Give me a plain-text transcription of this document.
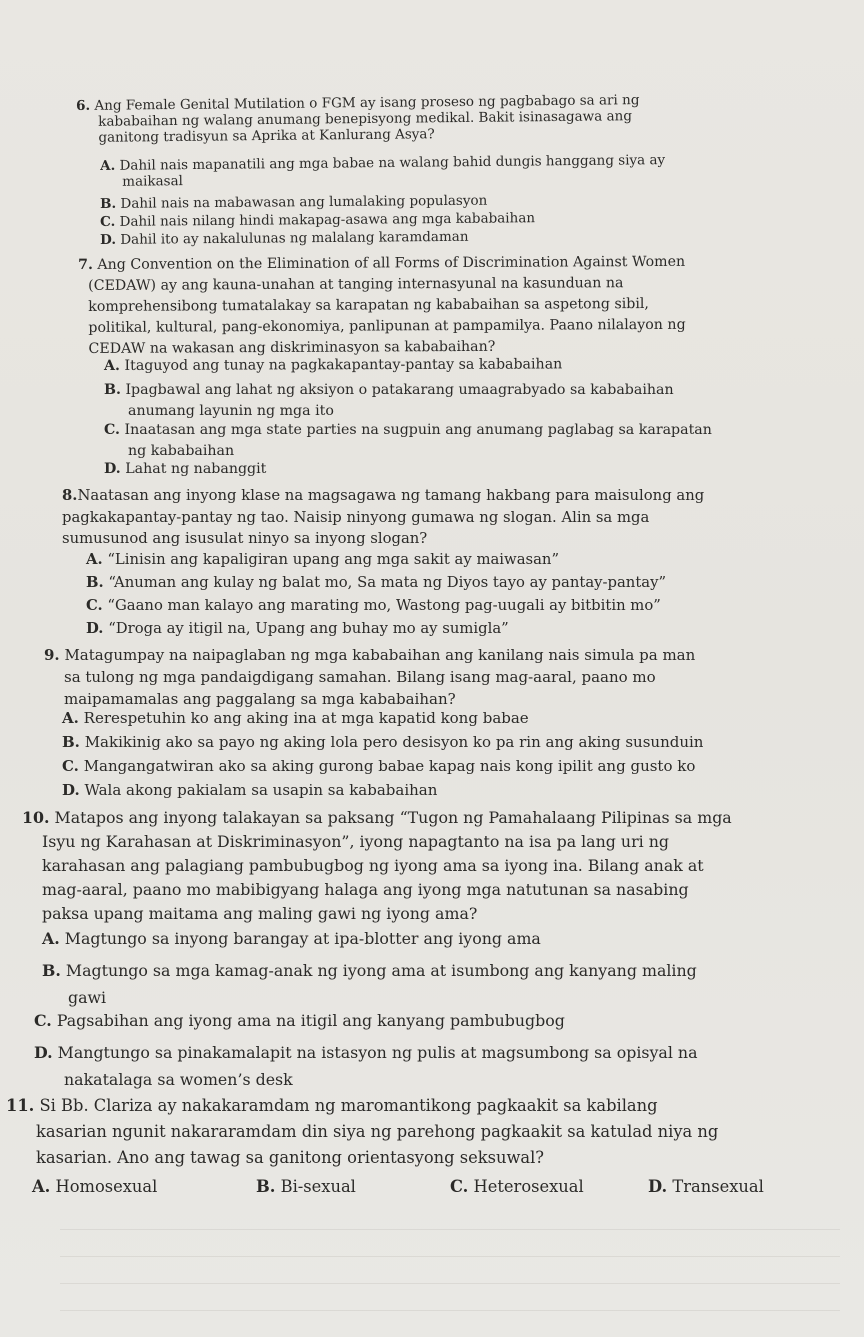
6. Ang Female Genital Mutilation o FGM ay isang proseso ng pagbabago sa ari ng
kababaihan ng walang anumang benepisyong medikal. Bakit isinasagawa ang
ganitong tradisyun sa Aprika at Kanlurang Asya?
A. Dahil nais mapanatili ang mga babae na walang bahid dungis hanggang siya ay
maikasal
B. Dahil nais na mabawasan ang lumalaking populasyon
C. Dahil nais nilang hindi makapag-asawa ang mga kababaihan
D. Dahil ito ay nakalulunas ng malalang karamdaman
7. Ang Convention on the Elimination of all Forms of Discrimination Against Women
(CEDAW) ay ang kauna-unahan at tanging internasyunal na kasunduan na
komprehensibong tumatalakay sa karapatan ng kababaihan sa aspetong sibil,
politikal, kultural, pang-ekonomiya, panlipunan at pampamilya. Paano nilalayon ng
CEDAW na wakasan ang diskriminasyon sa kababaihan?
A. Itaguyod ang tunay na pagkakapantay-pantay sa kababaihan
B. Ipagbawal ang lahat ng aksiyon o patakarang umaagrabyado sa kababaihan
anumang layunin ng mga ito
C. Inaatasan ang mga state parties na sugpuin ang anumang paglabag sa karapatan
ng kababaihan
D. Lahat ng nabanggit
8.Naatasan ang inyong klase na magsagawa ng tamang hakbang para maisulong ang
pagkakapantay-pantay ng tao. Naisip ninyong gumawa ng slogan. Alin sa mga
sumusunod ang isusulat ninyo sa inyong slogan?
A. “Linisin ang kapaligiran upang ang mga sakit ay maiwasan”
B. “Anuman ang kulay ng balat mo, Sa mata ng Diyos tayo ay pantay-pantay”
C. “Gaano man kalayo ang marating mo, Wastong pag-uugali ay bitbitin mo”
D. “Droga ay itigil na, Upang ang buhay mo ay sumigla”
9. Matagumpay na naipaglaban ng mga kababaihan ang kanilang nais simula pa man
sa tulong ng mga pandaigdigang samahan. Bilang isang mag-aaral, paano mo
maipamamalas ang paggalang sa mga kababaihan?
A. Rerespetuhin ko ang aking ina at mga kapatid kong babae
B. Makikinig ako sa payo ng aking lola pero desisyon ko pa rin ang aking susunduin
C. Mangangatwiran ako sa aking gurong babae kapag nais kong ipilit ang gusto ko
D. Wala akong pakialam sa usapin sa kababaihan
10. Matapos ang inyong talakayan sa paksang “Tugon ng Pamahalaang Pilipinas sa mga
Isyu ng Karahasan at Diskriminasyon”, iyong napagtanto na isa pa lang uri ng
karahasan ang palagiang pambubugbog ng iyong ama sa iyong ina. Bilang anak at
mag-aaral, paano mo mabibigyang halaga ang iyong mga natutunan sa nasabing
paksa upang maitama ang maling gawi ng iyong ama?
A. Magtungo sa inyong barangay at ipa-blotter ang iyong ama
B. Magtungo sa mga kamag-anak ng iyong ama at isumbong ang kanyang maling
gawi
C. Pagsabihan ang iyong ama na itigil ang kanyang pambubugbog
D. Mangtungo sa pinakamalapit na istasyon ng pulis at magsumbong sa opisyal na
nakatalaga sa women’s desk
11. Si Bb. Clariza ay nakakaramdam ng maromantikong pagkaakit sa kabilang
kasarian ngunit nakararamdam din siya ng parehong pagkaakit sa katulad niya ng
kasarian. Ano ang tawag sa ganitong orientasyong seksuwal?
A. Homosexual	B. Bi-sexual	C. Heterosexual	D. Transexual
